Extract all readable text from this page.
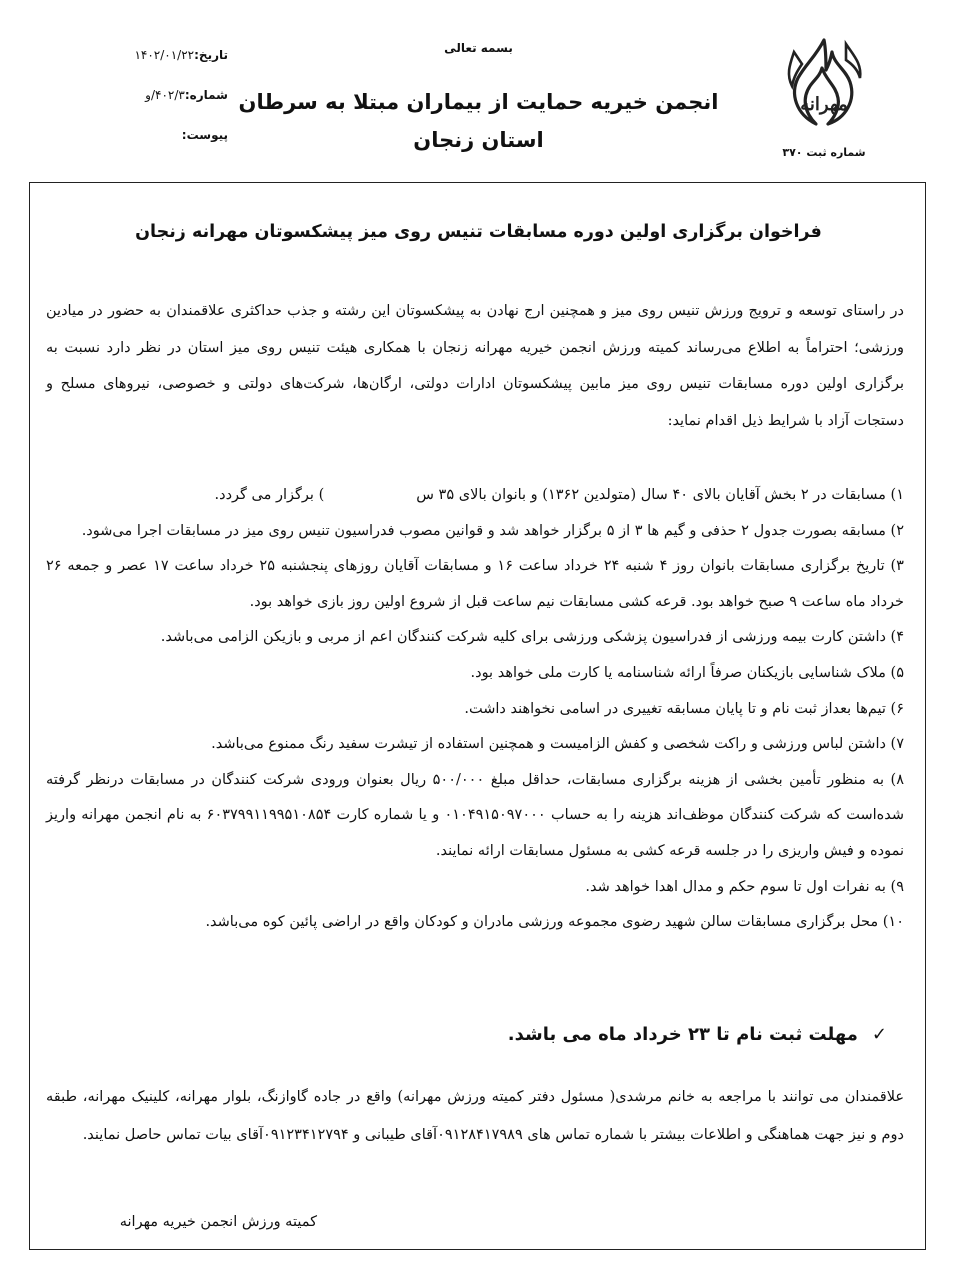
مهرانه
شماره ثبت ۳۷۰
بسمه تعالی
انجمن خیریه حمایت از بیماران مبتلا به سرطان
استان زنجان
تاریخ:۱۴۰۲/۰۱/۲۲
شماره:۴۰۲/۳/و
پیوست:
فراخوان برگزاری اولین دوره مسابقات تنیس روی میز پیشکسوتان مهرانه زنجان
در راستای توسعه و ترویج ورزش تنیس روی میز و همچنین ارج نهادن به پیشکسوتان این رشته و جذب حداکثری علاقمندان به حضور در میادین ورزشی؛ احتراماً به اطلاع می‌رساند کمیته ورزش انجمن خیریه مهرانه زنجان با همکاری هیئت تنیس روی میز استان در نظر دارد نسبت به برگزاری اولین دوره مسابقات تنیس روی میز مابین پیشکسوتان ادارات دولتی، ارگان‌ها، شرکت‌های دولتی و خصوصی، نیروهای مسلح و دستجات آزاد با شرایط ذیل اقدام نماید:
۱) مسابقات در ۲ بخش آقایان بالای ۴۰ سال (متولدین ۱۳۶۲) و بانوان بالای ۳۵ س) برگزار می گردد.
۲) مسابقه بصورت جدول ۲ حذفی و گیم ها ۳ از ۵ برگزار خواهد شد و قوانین مصوب فدراسیون تنیس روی میز در مسابقات اجرا می‌شود.
۳) تاریخ برگزاری مسابقات بانوان روز ۴ شنبه ۲۴ خرداد ساعت ۱۶ و مسابقات آقایان روزهای پنجشنبه ۲۵ خرداد ساعت ۱۷ عصر و جمعه ۲۶ خرداد ماه ساعت ۹ صبح خواهد بود. قرعه کشی مسابقات نیم ساعت قبل از شروع اولین روز بازی خواهد بود.
۴) داشتن کارت بیمه ورزشی از فدراسیون پزشکی ورزشی برای کلیه شرکت کنندگان اعم از مربی و بازیکن الزامی می‌باشد.
۵) ملاک شناسایی بازیکنان صرفاً ارائه شناسنامه یا کارت ملی خواهد بود.
۶) تیم‌ها بعداز ثبت نام و تا پایان مسابقه تغییری در اسامی نخواهند داشت.
۷) داشتن لباس ورزشی و راکت شخصی و کفش الزامیست و همچنین استفاده از تیشرت سفید رنگ ممنوع می‌باشد.
۸) به منظور تأمین بخشی از هزینه برگزاری مسابقات، حداقل مبلغ ۵۰۰/۰۰۰ ریال بعنوان ورودی شرکت کنندگان در مسابقات درنظر گرفته شده‌است که شرکت کنندگان موظف‌اند هزینه را به حساب ۰۱۰۴۹۱۵۰۹۷۰۰۰ و یا شماره کارت ۶۰۳۷۹۹۱۱۹۹۵۱۰۸۵۴ به نام انجمن مهرانه واریز نموده و فیش واریزی را در جلسه قرعه کشی به مسئول مسابقات ارائه نمایند.
۹) به نفرات اول تا سوم حکم و مدال اهدا خواهد شد.
۱۰) محل برگزاری مسابقات سالن شهید رضوی مجموعه ورزشی مادران و کودکان واقع در اراضی پائین کوه می‌باشد.
✓مهلت ثبت نام تا ۲۳ خرداد ماه می باشد.
علاقمندان می توانند با مراجعه به خانم مرشدی( مسئول دفتر کمیته ورزش مهرانه) واقع در جاده گاوازنگ، بلوار مهرانه، کلینیک مهرانه، طبقه دوم و نیز جهت هماهنگی و اطلاعات بیشتر با شماره تماس های ۰۹۱۲۸۴۱۷۹۸۹آقای طیبانی و ۰۹۱۲۳۴۱۲۷۹۴آقای بیات تماس حاصل نمایند.
کمیته ورزش انجمن خیریه مهرانه
